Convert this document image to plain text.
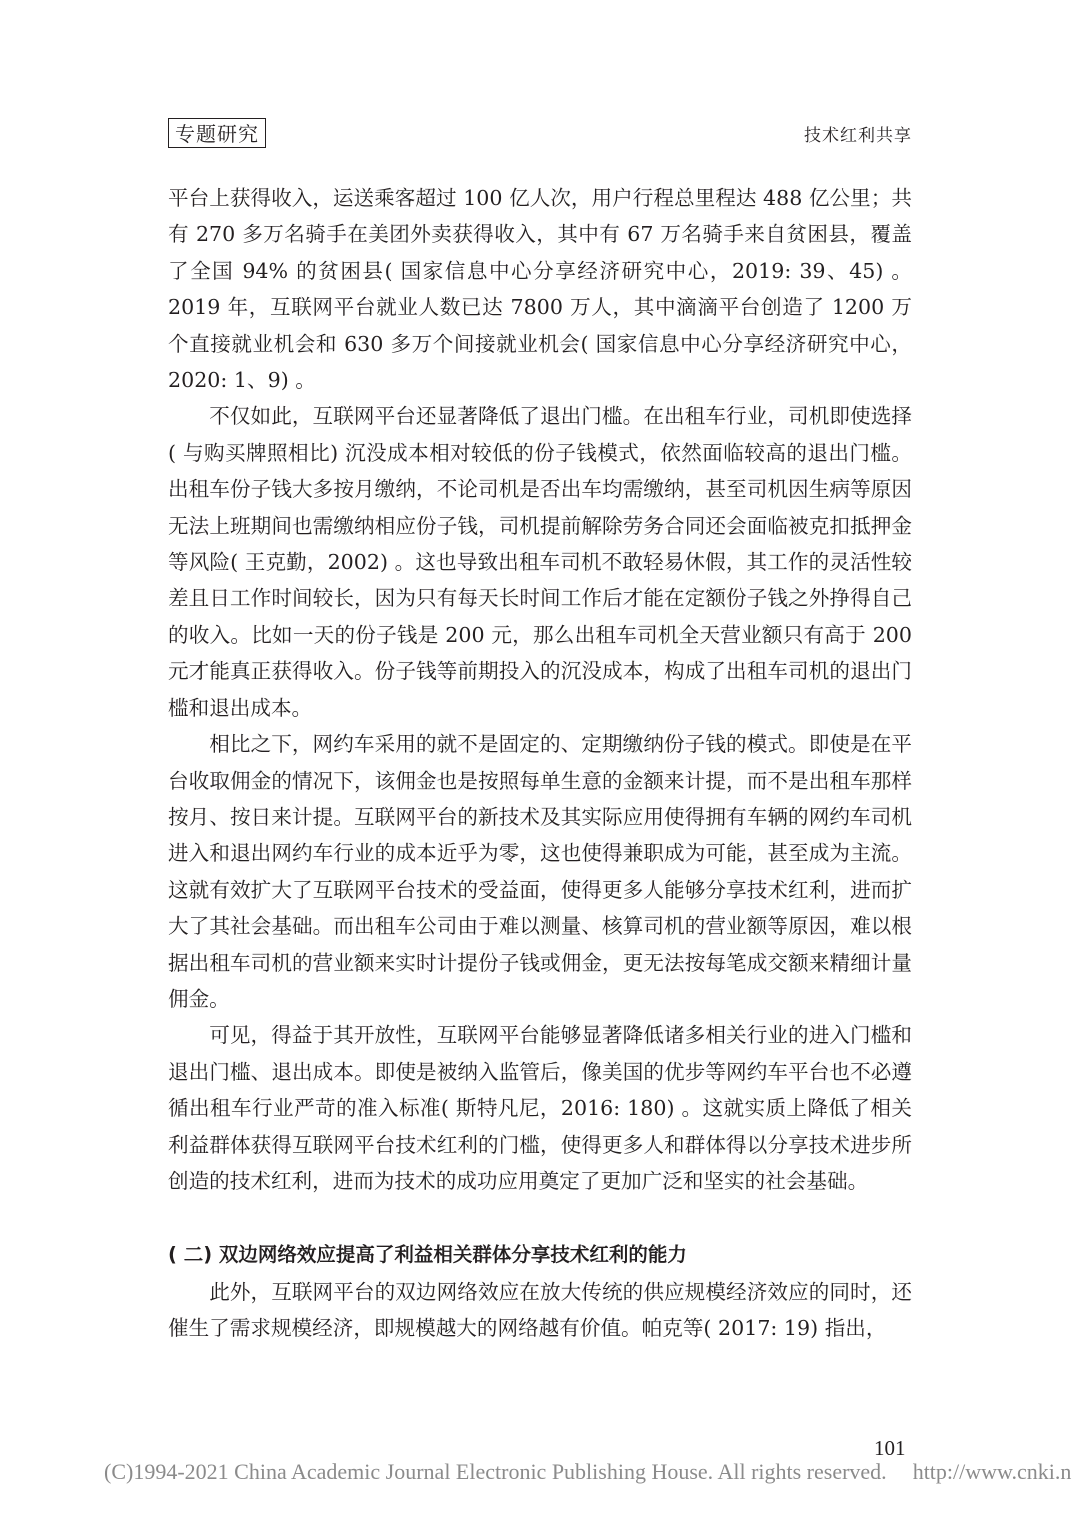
专题研究	技术红利共享

平台上获得收入，运送乘客超过 100 亿人次，用户行程总里程达 488 亿公里；共有 270 多万名骑手在美团外卖获得收入，其中有 67 万名骑手来自贫困县，覆盖了全国 94% 的贫困县( 国家信息中心分享经济研究中心，2019: 39、45) 。2019 年，互联网平台就业人数已达 7800 万人，其中滴滴平台创造了 1200 万个直接就业机会和 630 多万个间接就业机会( 国家信息中心分享经济研究中心，2020: 1、9) 。

不仅如此，互联网平台还显著降低了退出门槛。在出租车行业，司机即使选择( 与购买牌照相比) 沉没成本相对较低的份子钱模式，依然面临较高的退出门槛。出租车份子钱大多按月缴纳，不论司机是否出车均需缴纳，甚至司机因生病等原因无法上班期间也需缴纳相应份子钱，司机提前解除劳务合同还会面临被克扣抵押金等风险( 王克勤，2002) 。这也导致出租车司机不敢轻易休假，其工作的灵活性较差且日工作时间较长，因为只有每天长时间工作后才能在定额份子钱之外挣得自己的收入。比如一天的份子钱是 200 元，那么出租车司机全天营业额只有高于 200 元才能真正获得收入。份子钱等前期投入的沉没成本，构成了出租车司机的退出门槛和退出成本。

相比之下，网约车采用的就不是固定的、定期缴纳份子钱的模式。即使是在平台收取佣金的情况下，该佣金也是按照每单生意的金额来计提，而不是出租车那样按月、按日来计提。互联网平台的新技术及其实际应用使得拥有车辆的网约车司机进入和退出网约车行业的成本近乎为零，这也使得兼职成为可能，甚至成为主流。这就有效扩大了互联网平台技术的受益面，使得更多人能够分享技术红利，进而扩大了其社会基础。而出租车公司由于难以测量、核算司机的营业额等原因，难以根据出租车司机的营业额来实时计提份子钱或佣金，更无法按每笔成交额来精细计量佣金。

可见，得益于其开放性，互联网平台能够显著降低诸多相关行业的进入门槛和退出门槛、退出成本。即使是被纳入监管后，像美国的优步等网约车平台也不必遵循出租车行业严苛的准入标准( 斯特凡尼，2016: 180) 。这就实质上降低了相关利益群体获得互联网平台技术红利的门槛，使得更多人和群体得以分享技术进步所创造的技术红利，进而为技术的成功应用奠定了更加广泛和坚实的社会基础。

( 二) 双边网络效应提高了利益相关群体分享技术红利的能力

此外，互联网平台的双边网络效应在放大传统的供应规模经济效应的同时，还催生了需求规模经济，即规模越大的网络越有价值。帕克等( 2017: 19) 指出，

101
(C)1994-2021 China Academic Journal Electronic Publishing House. All rights reserved. http://www.cnki.n
